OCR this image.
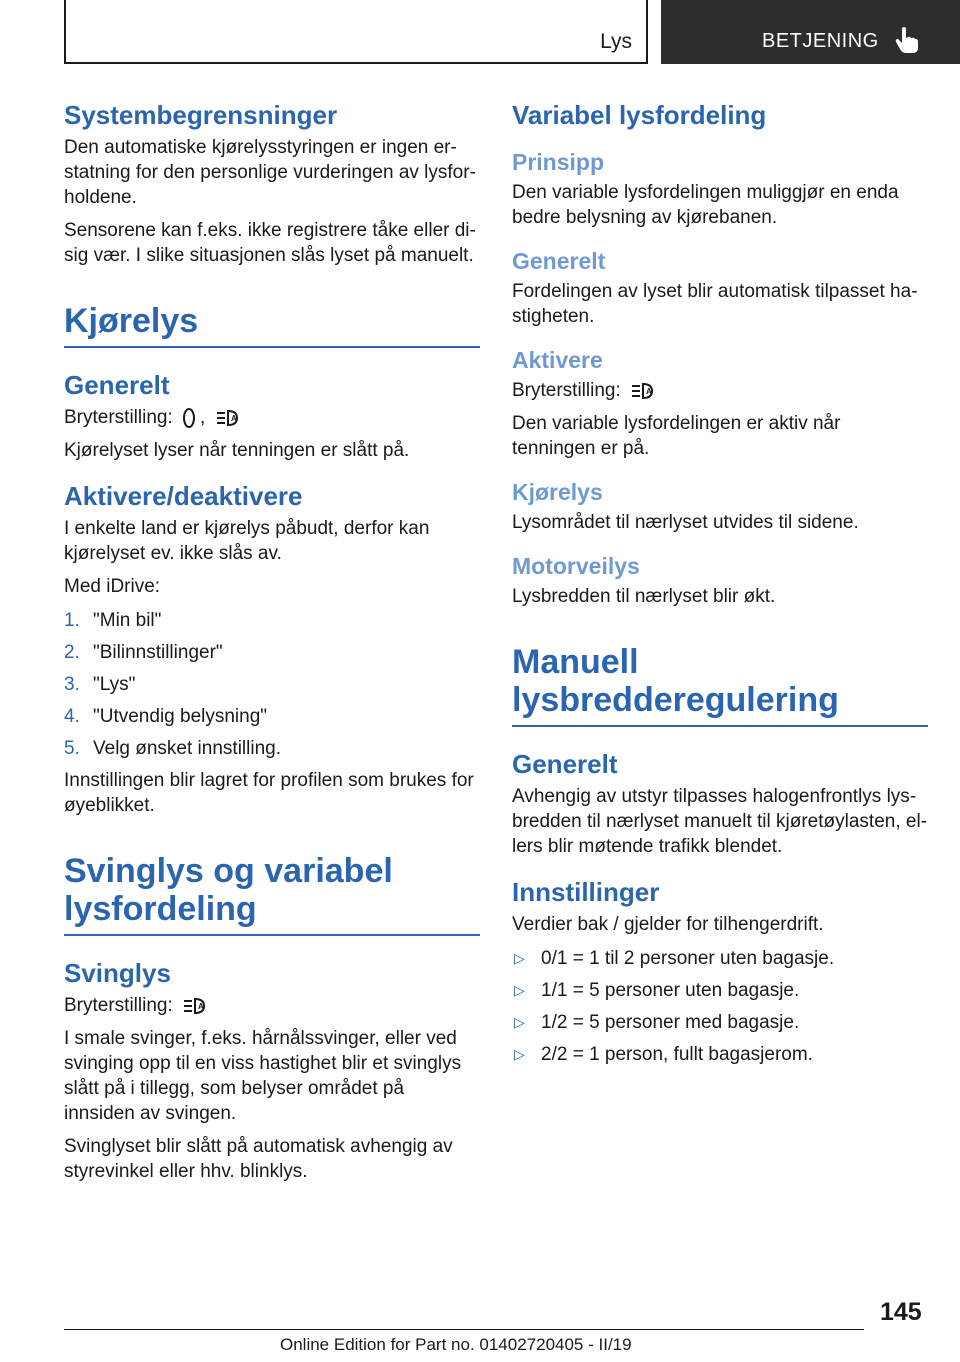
Lys	BETJENING
Systembegrensninger

Den automatiske kjørelysstyringen er ingen erstatning for den personlige vurderingen av lysforholdene.

Sensorene kan f.eks. ikke registrere tåke eller disig vær. I slike situasjonen slås lyset på manuelt.

Kjørelys
Generelt

Bryterstilling: ,	A

Kjørelyset lyser når tenningen er slått på.

Aktivere/deaktivere

I enkelte land er kjørelys påbudt, derfor kan kjørelyset ev. ikke slås av.

Med iDrive:

1. "Min bil"
2. "Bilinnstillinger"
3. "Lys"
4. "Utvendig belysning"
5. Velg ønsket innstilling.

Innstillingen blir lagret for profilen som brukes for øyeblikket.

Svinglys og variabel lysfordeling
Svinglys

Bryterstilling:	A

I smale svinger, f.eks. hårnålssvinger, eller ved svinging opp til en viss hastighet blir et svinglys slått på i tillegg, som belyser området på innsiden av svingen.

Svinglyset blir slått på automatisk avhengig av styrevinkel eller hhv. blinklys.

Variabel lysfordeling
Prinsipp

Den variable lysfordelingen muliggjør en enda bedre belysning av kjørebanen.

Generelt

Fordelingen av lyset blir automatisk tilpasset hastigheten.

Aktivere

Bryterstilling:	A

Den variable lysfordelingen er aktiv når tenningen er på.

Kjørelys

Lysområdet til nærlyset utvides til sidene.

Motorveilys

Lysbredden til nærlyset blir økt.

Manuell lysbredderegulering
Generelt

Avhengig av utstyr tilpasses halogenfrontlys lysbredden til nærlyset manuelt til kjøretøylasten, ellers blir møtende trafikk blendet.

Innstillinger

Verdier bak / gjelder for tilhengerdrift.

▷ 0/1 = 1 til 2 personer uten bagasje.
▷ 1/1 = 5 personer uten bagasje.
▷ 1/2 = 5 personer med bagasje.
▷ 2/2 = 1 person, fullt bagasjerom.
145
Online Edition for Part no. 01402720405 - II/19
